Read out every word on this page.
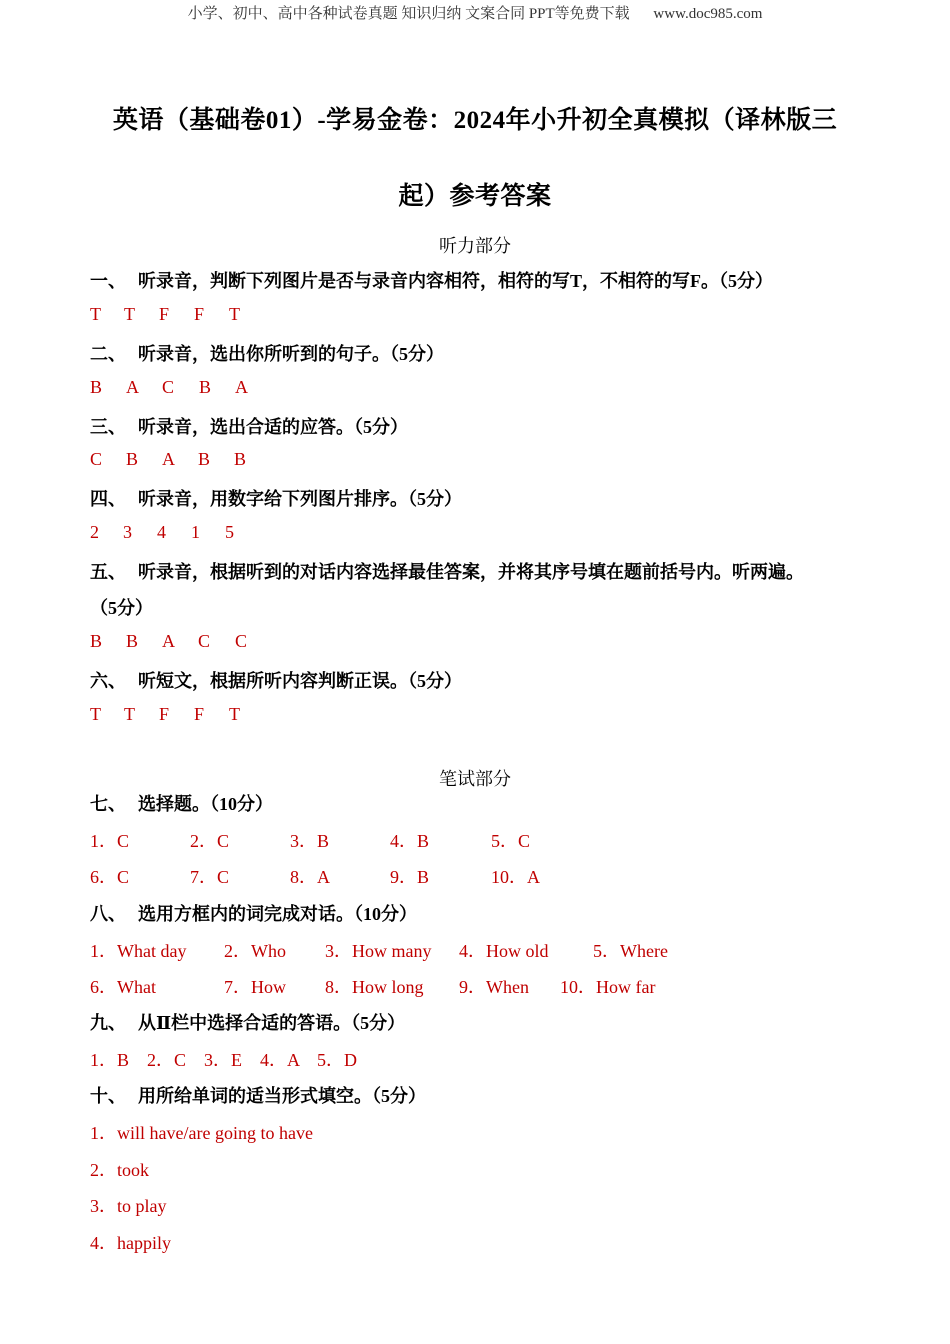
小学、初中、高中各种试卷真题 知识归纳 文案合同 PPT等免费下载 www.doc985.com
英语（基础卷01）-学易金卷：2024年小升初全真模拟（译林版三
起）参考答案
听力部分
一、 听录音，判断下列图片是否与录音内容相符，相符的写T，不相符的写F。（5分）
T T F F T
二、 听录音，选出你所听到的句子。（5分）
B A C B A
三、 听录音，选出合适的应答。（5分）
C B A B B
四、 听录音，用数字给下列图片排序。（5分）
2 3 4 1 5
五、 听录音，根据听到的对话内容选择最佳答案，并将其序号填在题前括号内。听两遍。
（5分）
B B A C C
六、 听短文，根据所听内容判断正误。（5分）
T T F F T
笔试部分
七、 选择题。（10分）
1．C	2．C	3．B	4．B	5．C
6．C	7．C	8．A	9．B	10．A
八、 选用方框内的词完成对话。（10分）
1．What day 2．Who 3．How many 4．How old 5．Where
6．What	7．How 8．How long 9．When 10．How far
九、 从Ⅱ栏中选择合适的答语。（5分）
1．B　2．C　3．E　4．A　5．D
十、 用所给单词的适当形式填空。（5分）
1．will have/are going to have
2．took
3．to play
4．happily
